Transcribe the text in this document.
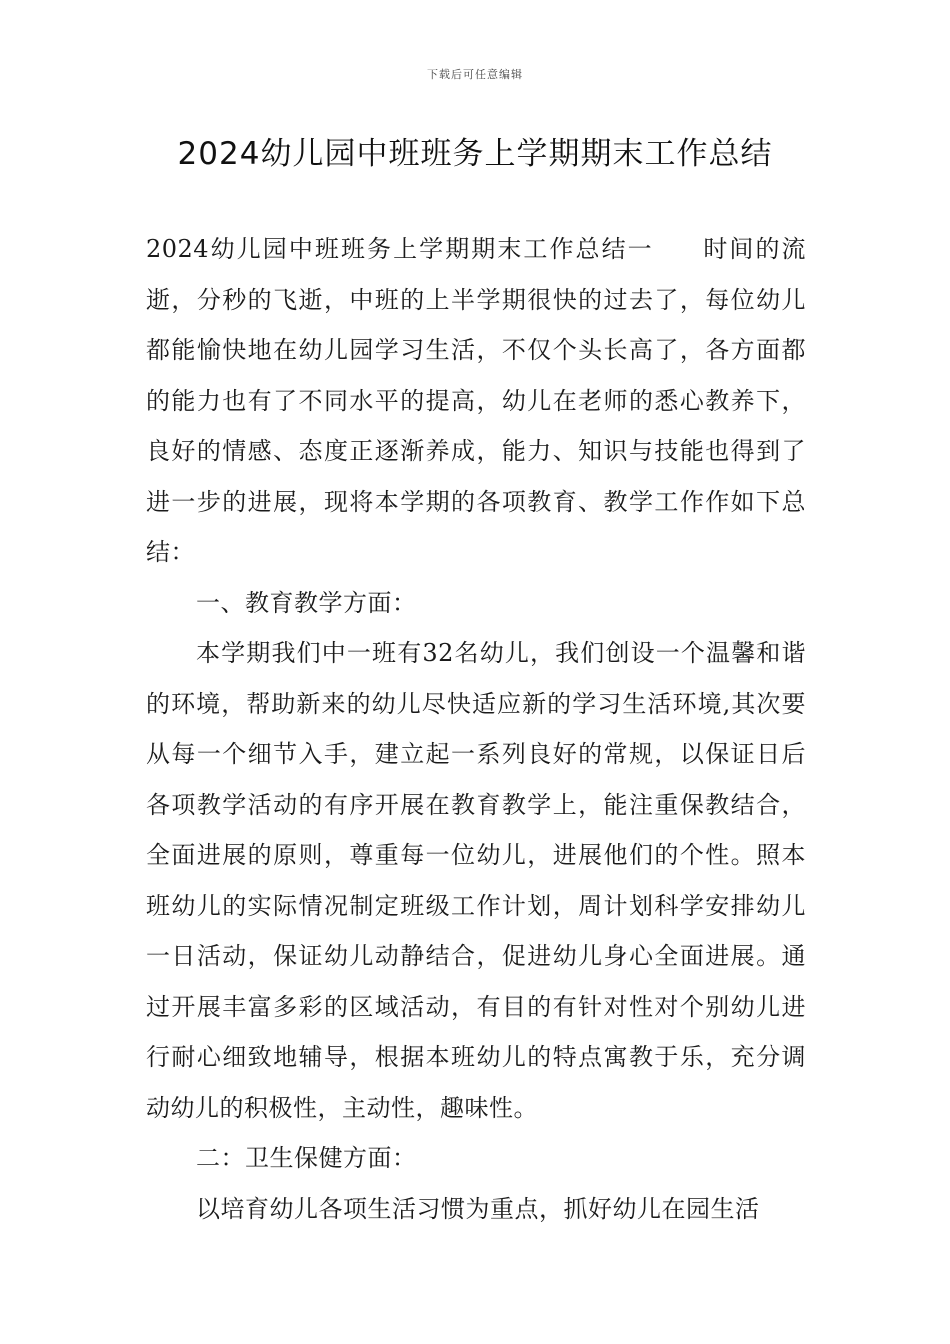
下载后可任意编辑
2024幼儿园中班班务上学期期末工作总结

2024幼儿园中班班务上学期期末工作总结一 时间的流逝，分秒的飞逝，中班的上半学期很快的过去了，每位幼儿都能愉快地在幼儿园学习生活，不仅个头长高了，各方面都的能力也有了不同水平的提高，幼儿在老师的悉心教养下，良好的情感、态度正逐渐养成，能力、知识与技能也得到了进一步的进展，现将本学期的各项教育、教学工作作如下总结：

一、教育教学方面：

本学期我们中一班有32名幼儿，我们创设一个温馨和谐的环境，帮助新来的幼儿尽快适应新的学习生活环境,其次要从每一个细节入手，建立起一系列良好的常规，以保证日后各项教学活动的有序开展在教育教学上，能注重保教结合，全面进展的原则，尊重每一位幼儿，进展他们的个性。照本班幼儿的实际情况制定班级工作计划，周计划科学安排幼儿一日活动，保证幼儿动静结合，促进幼儿身心全面进展。通过开展丰富多彩的区域活动，有目的有针对性对个别幼儿进行耐心细致地辅导，根据本班幼儿的特点寓教于乐，充分调动幼儿的积极性，主动性，趣味性。

二：卫生保健方面：

以培育幼儿各项生活习惯为重点，抓好幼儿在园生活
